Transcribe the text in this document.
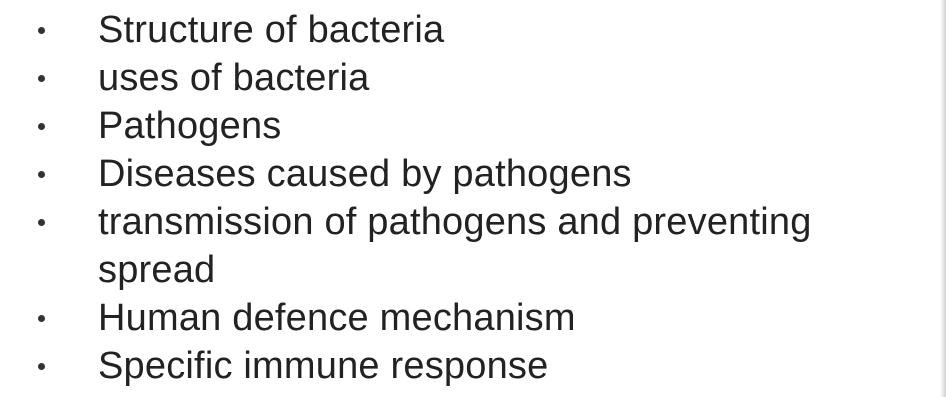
Structure of bacteria
uses of bacteria
Pathogens
Diseases caused by pathogens
transmission of pathogens and preventing spread
Human defence mechanism
Specific immune response
